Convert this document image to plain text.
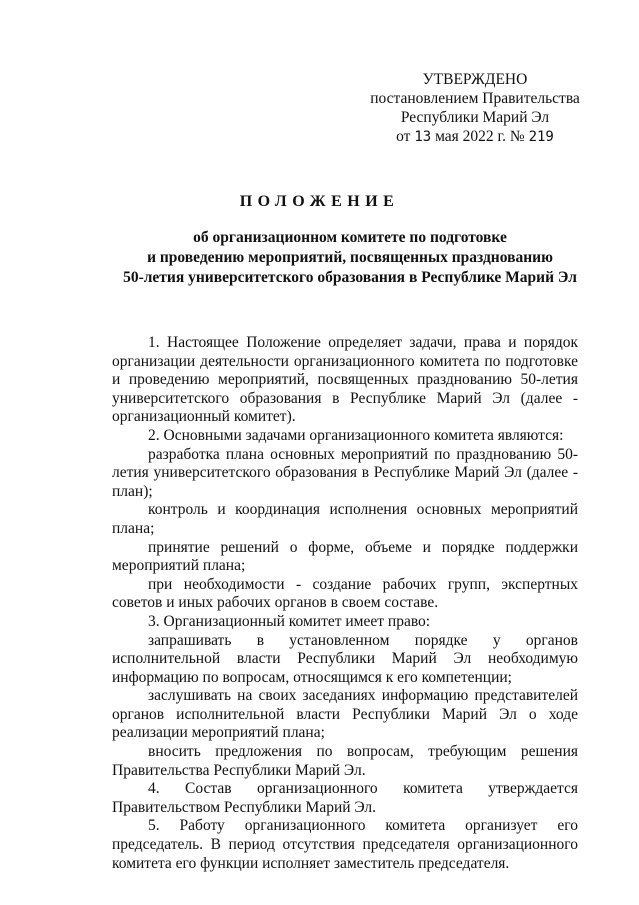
УТВЕРЖДЕНО
постановлением Правительства
Республики Марий Эл
от 13 мая 2022 г. № 219
ПОЛОЖЕНИЕ
об организационном комитете по подготовке
и проведению мероприятий, посвященных празднованию
50-летия университетского образования в Республике Марий Эл

1. Настоящее Положение определяет задачи, права и порядок организации деятельности организационного комитета по подготовке и проведению мероприятий, посвященных празднованию 50-летия университетского образования в Республике Марий Эл (далее - организационный комитет).

2. Основными задачами организационного комитета являются:

разработка плана основных мероприятий по празднованию 50-летия университетского образования в Республике Марий Эл (далее - план);

контроль и координация исполнения основных мероприятий плана;

принятие решений о форме, объеме и порядке поддержки мероприятий плана;

при необходимости - создание рабочих групп, экспертных советов и иных рабочих органов в своем составе.

3. Организационный комитет имеет право:

запрашивать в установленном порядке у органов исполнительной власти Республики Марий Эл необходимую информацию по вопросам, относящимся к его компетенции;

заслушивать на своих заседаниях информацию представителей органов исполнительной власти Республики Марий Эл о ходе реализации мероприятий плана;

вносить предложения по вопросам, требующим решения Правительства Республики Марий Эл.

4. Состав организационного комитета утверждается Правительством Республики Марий Эл.

5. Работу организационного комитета организует его председатель. В период отсутствия председателя организационного комитета его функции исполняет заместитель председателя.
